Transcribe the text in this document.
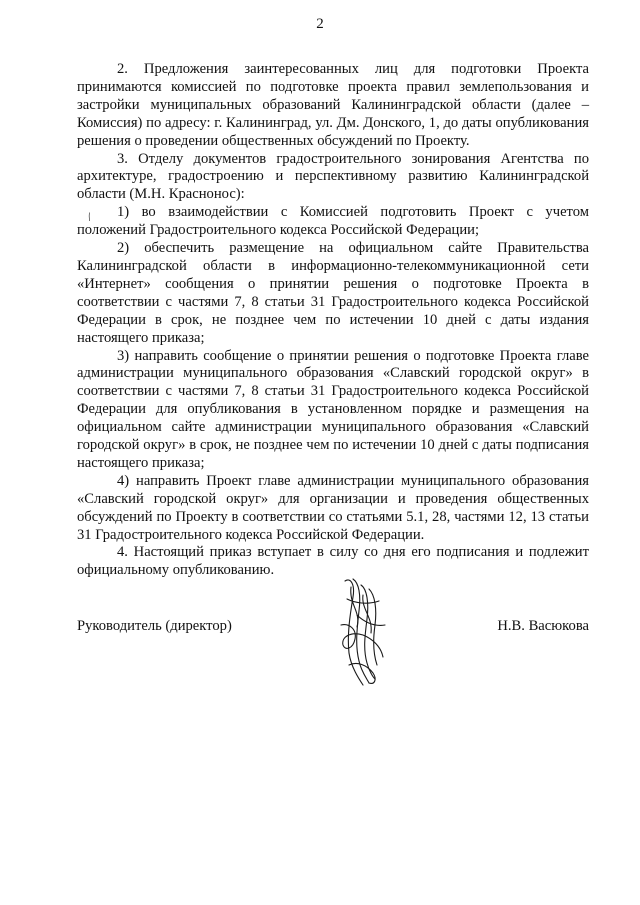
2

2. Предложения заинтересованных лиц для подготовки Проекта принимаются комиссией по подготовке проекта правил землепользования и застройки муниципальных образований Калининградской области (далее – Комиссия) по адресу: г. Калининград, ул. Дм. Донского, 1, до даты опубликования решения о проведении общественных обсуждений по Проекту.

3. Отделу документов градостроительного зонирования Агентства по архитектуре, градостроению и перспективному развитию Калининградской области (М.Н. Краснонос):

1) во взаимодействии с Комиссией подготовить Проект с учетом положений Градостроительного кодекса Российской Федерации;

2) обеспечить размещение на официальном сайте Правительства Калининградской области в информационно-телекоммуникационной сети «Интернет» сообщения о принятии решения о подготовке Проекта в соответствии с частями 7, 8 статьи 31 Градостроительного кодекса Российской Федерации в срок, не позднее чем по истечении 10 дней с даты издания настоящего приказа;

3) направить сообщение о принятии решения о подготовке Проекта главе администрации муниципального образования «Славский городской округ» в соответствии с частями 7, 8 статьи 31 Градостроительного кодекса Российской Федерации для опубликования в установленном порядке и размещения на официальном сайте администрации муниципального образования «Славский городской округ» в срок, не позднее чем по истечении 10 дней с даты подписания настоящего приказа;

4) направить Проект главе администрации муниципального образования «Славский городской округ» для организации и проведения общественных обсуждений по Проекту в соответствии со статьями 5.1, 28, частями 12, 13 статьи 31 Градостроительного кодекса Российской Федерации.

4. Настоящий приказ вступает в силу со дня его подписания и подлежит официальному опубликованию.

Руководитель (директор)	Н.В. Васюкова
